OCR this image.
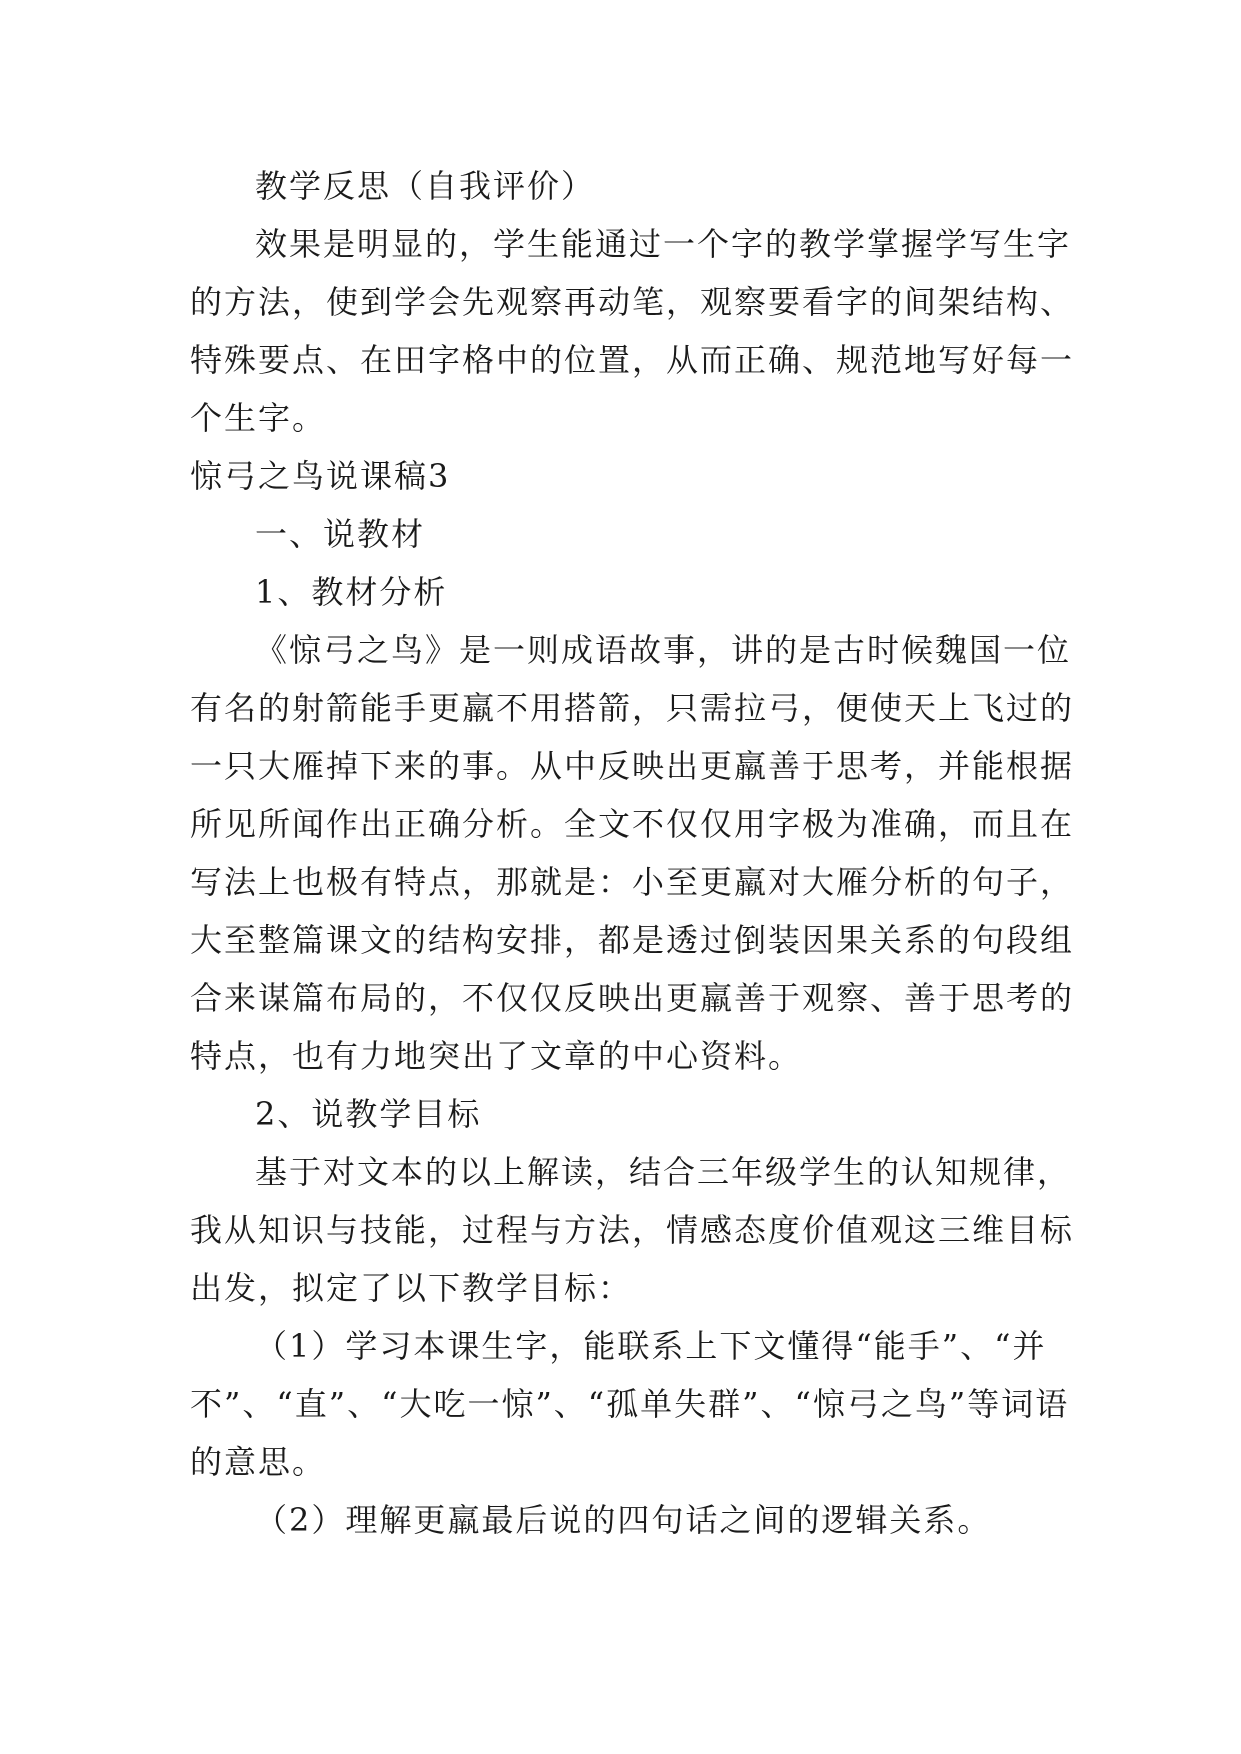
教学反思（自我评价）
效果是明显的，学生能通过一个字的教学掌握学写生字
的方法，使到学会先观察再动笔，观察要看字的间架结构、
特殊要点、在田字格中的位置，从而正确、规范地写好每一
个生字。
惊弓之鸟说课稿3
一、说教材
1、教材分析
《惊弓之鸟》是一则成语故事，讲的是古时候魏国一位
有名的射箭能手更羸不用搭箭，只需拉弓，便使天上飞过的
一只大雁掉下来的事。从中反映出更羸善于思考，并能根据
所见所闻作出正确分析。全文不仅仅用字极为准确，而且在
写法上也极有特点，那就是：小至更羸对大雁分析的句子，
大至整篇课文的结构安排，都是透过倒装因果关系的句段组
合来谋篇布局的，不仅仅反映出更羸善于观察、善于思考的
特点，也有力地突出了文章的中心资料。
2、说教学目标
基于对文本的以上解读，结合三年级学生的认知规律，
我从知识与技能，过程与方法，情感态度价值观这三维目标
出发，拟定了以下教学目标：
（1）学习本课生字，能联系上下文懂得“能手”、“并
不”、“直”、“大吃一惊”、“孤单失群”、“惊弓之鸟”等词语
的意思。
（2）理解更羸最后说的四句话之间的逻辑关系。
